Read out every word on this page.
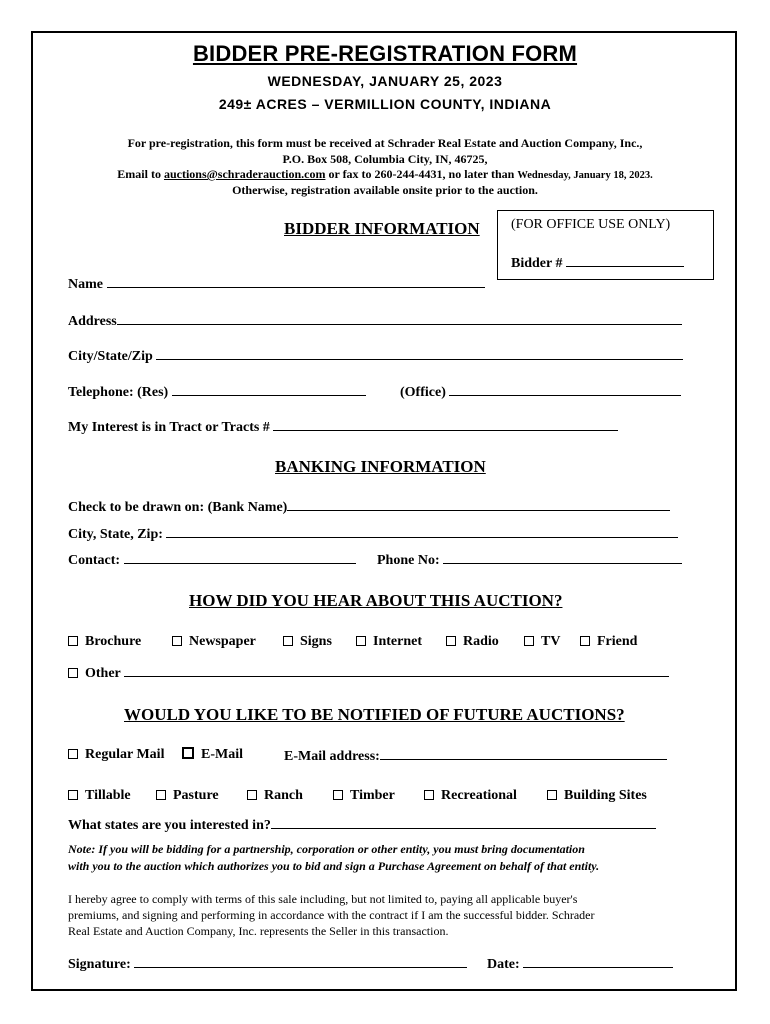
BIDDER PRE-REGISTRATION FORM
WEDNESDAY, JANUARY 25, 2023
249± ACRES – VERMILLION COUNTY, INDIANA
For pre-registration, this form must be received at Schrader Real Estate and Auction Company, Inc.,
P.O. Box 508, Columbia City, IN, 46725,
Email to auctions@schraderauction.com or fax to 260-244-4431, no later than Wednesday, January 18, 2023.
Otherwise, registration available onsite prior to the auction.
(FOR OFFICE USE ONLY)
Bidder #
BIDDER INFORMATION
Name
Address
City/State/Zip
Telephone: (Res)	(Office)
My Interest is in Tract or Tracts #
BANKING INFORMATION
Check to be drawn on: (Bank Name)
City, State, Zip:
Contact:	Phone No:
HOW DID YOU HEAR ABOUT THIS AUCTION?
Brochure	Newspaper	Signs	Internet	Radio	TV	Friend
Other
WOULD YOU LIKE TO BE NOTIFIED OF FUTURE AUCTIONS?
Regular Mail	E-Mail	E-Mail address:
Tillable	Pasture	Ranch	Timber	Recreational	Building Sites
What states are you interested in?
Note: If you will be bidding for a partnership, corporation or other entity, you must bring documentation
with you to the auction which authorizes you to bid and sign a Purchase Agreement on behalf of that entity.
I hereby agree to comply with terms of this sale including, but not limited to, paying all applicable buyer's
premiums, and signing and performing in accordance with the contract if I am the successful bidder. Schrader
Real Estate and Auction Company, Inc. represents the Seller in this transaction.
Signature:	Date:
